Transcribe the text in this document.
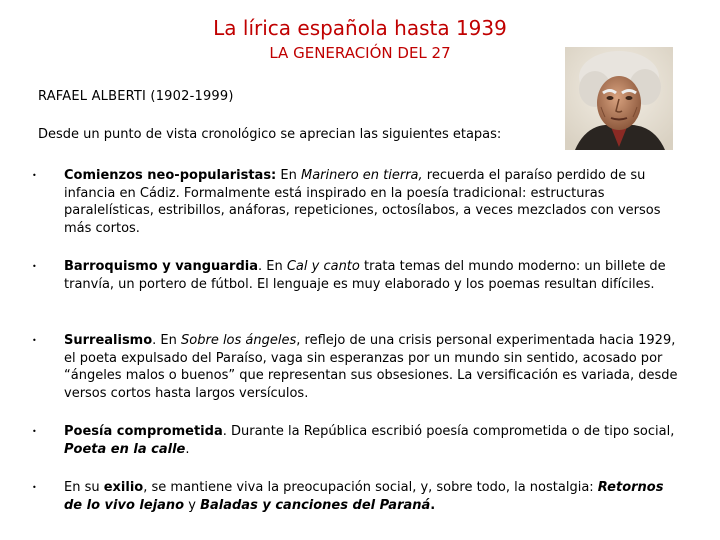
La lírica española hasta 1939
LA GENERACIÓN DEL 27
RAFAEL ALBERTI (1902-1999)
Desde un punto de vista cronológico se aprecian las siguientes etapas:
•	Comienzos neo-popularistas: En Marinero en tierra, recuerda el paraíso perdido de su infancia en Cádiz. Formalmente está inspirado en la poesía tradicional: estructuras paralelísticas, estribillos, anáforas, repeticiones, octosílabos, a veces mezclados con versos más cortos.
•	Barroquismo y vanguardia. En Cal y canto trata temas del mundo moderno: un billete de tranvía, un portero de fútbol. El lenguaje es muy elaborado y los poemas resultan difíciles.
•	Surrealismo. En Sobre los ángeles, reflejo de una crisis personal experimentada hacia 1929, el poeta expulsado del Paraíso, vaga sin esperanzas por un mundo sin sentido, acosado por “ángeles malos o buenos” que representan sus obsesiones. La versificación es variada, desde versos cortos hasta largos versículos.
•	Poesía comprometida. Durante la República escribió poesía comprometida o de tipo social, Poeta en la calle.
•	En su exilio, se mantiene viva la preocupación social, y, sobre todo, la nostalgia: Retornos de lo vivo lejano y Baladas y canciones del Paraná.
